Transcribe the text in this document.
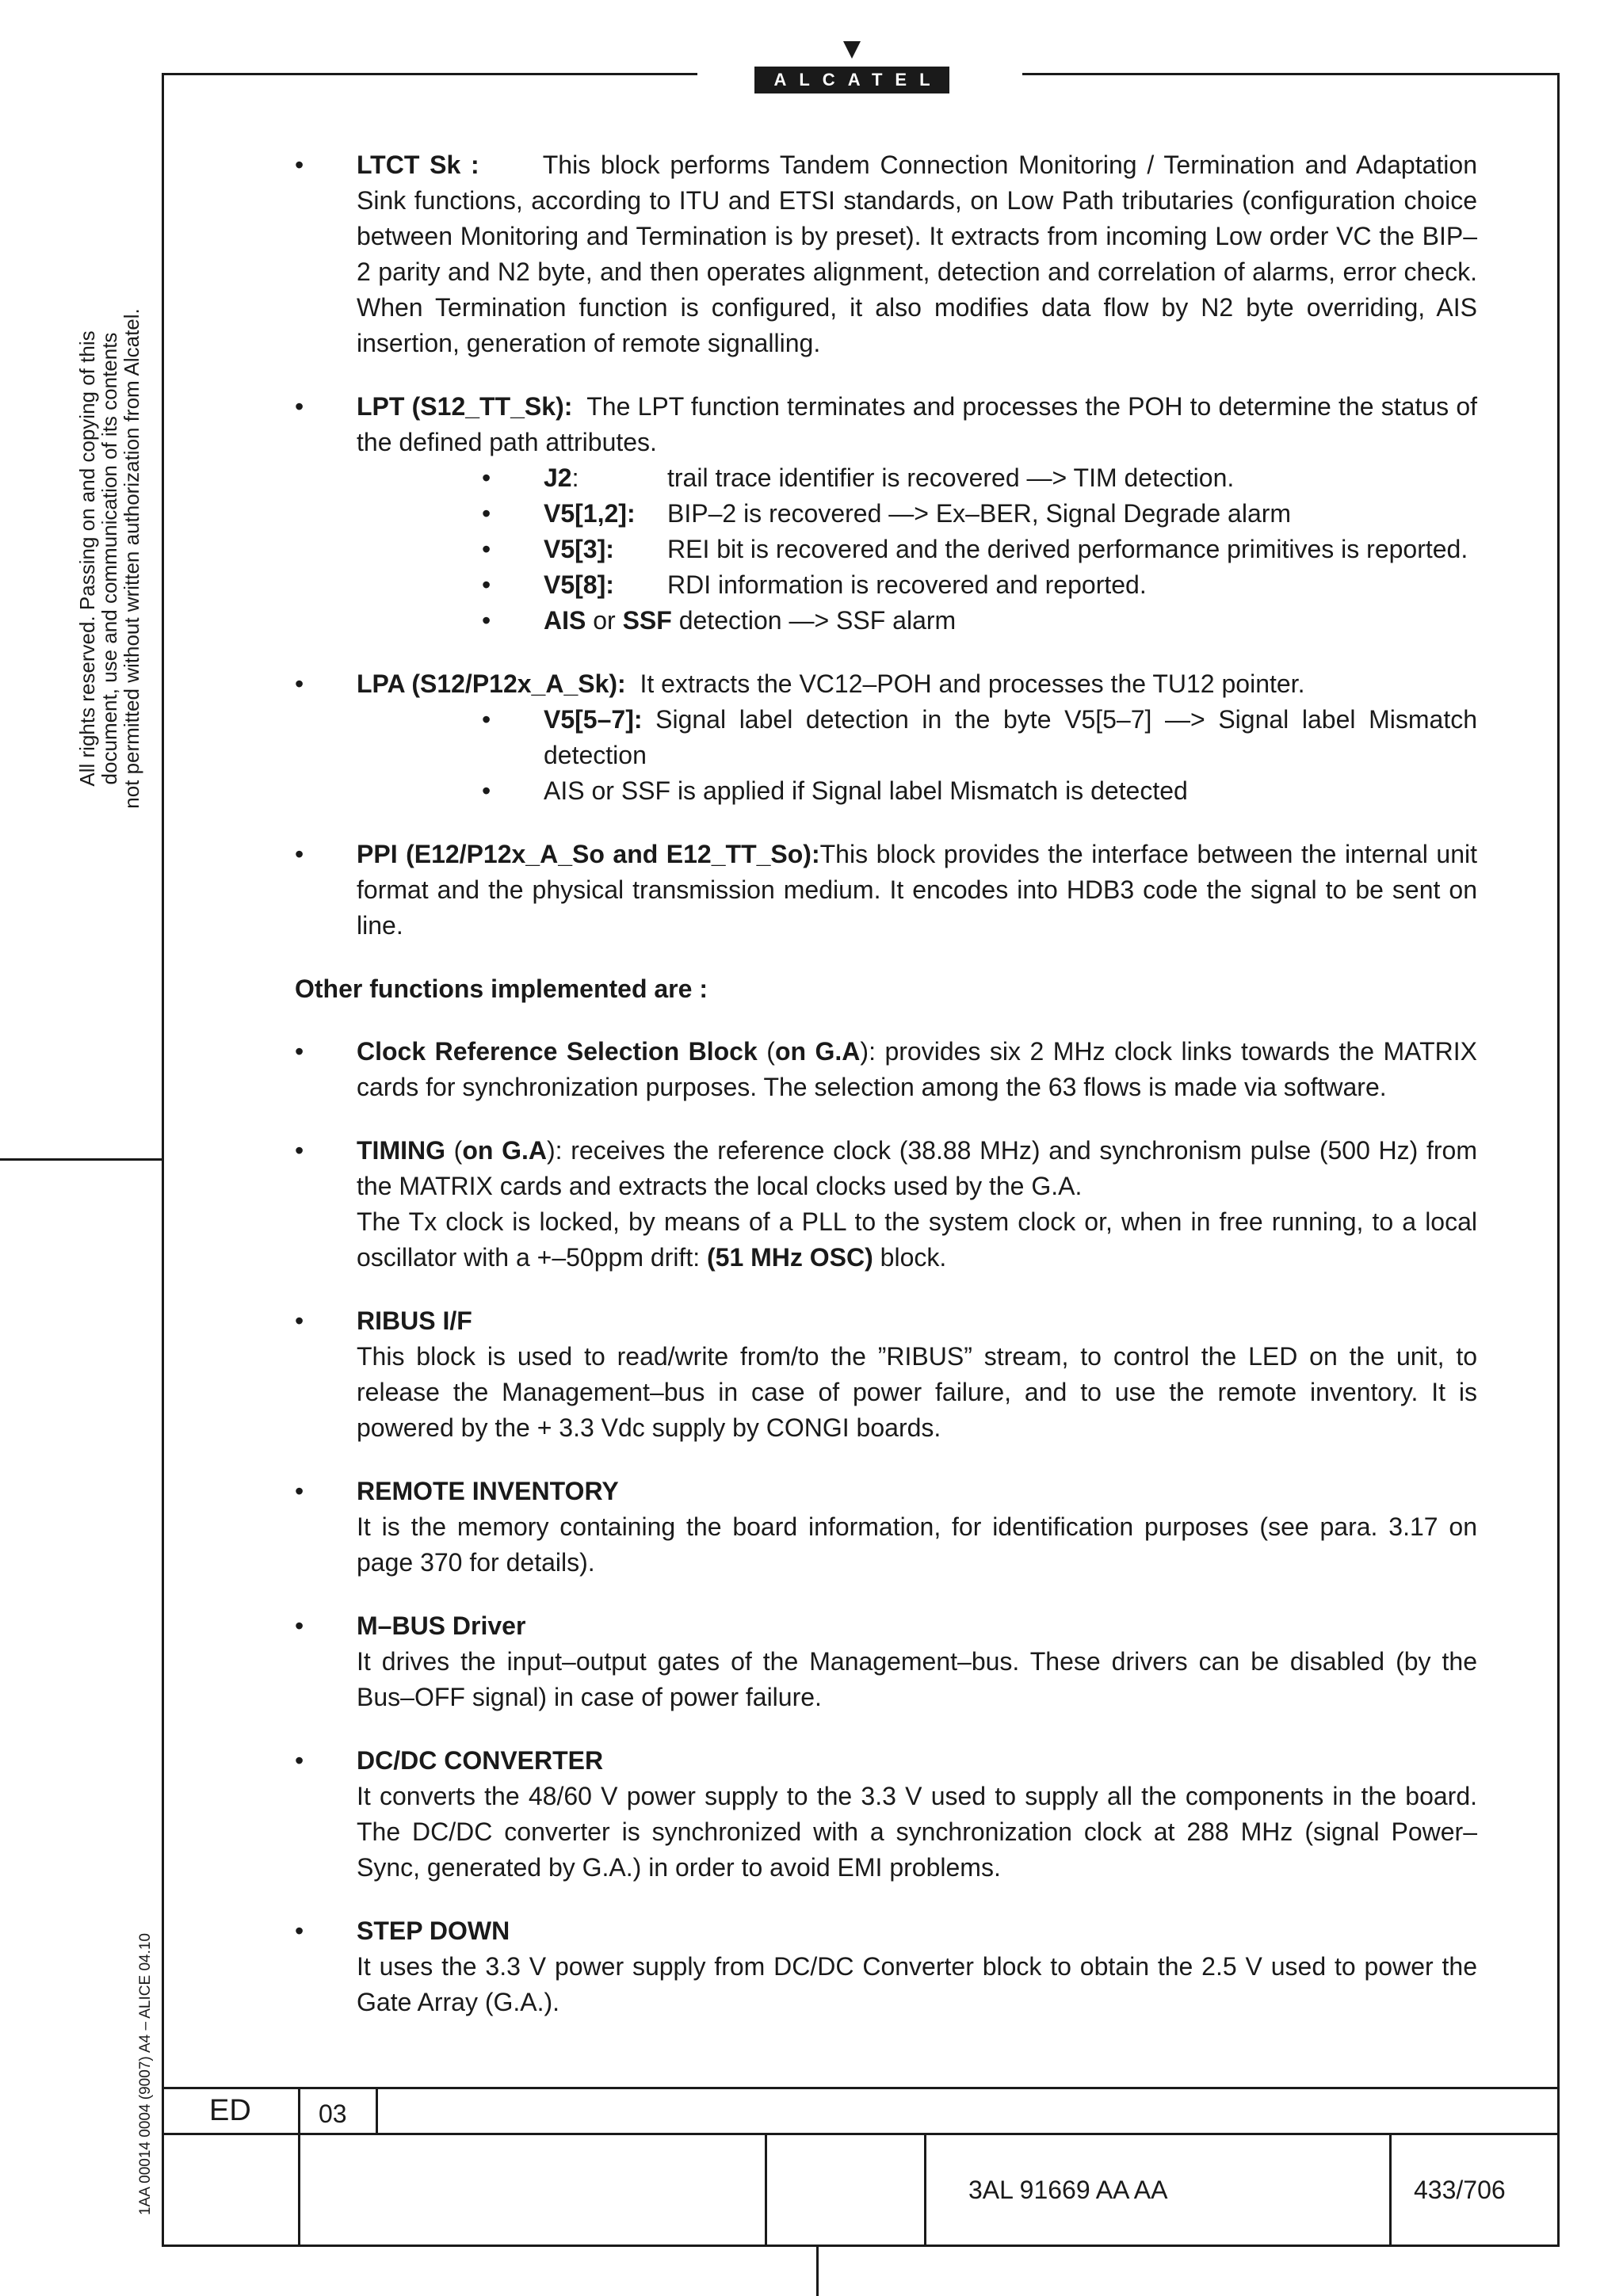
ALCATEL
All rights reserved. Passing on and copying of this
document, use and communication of its contents
not permitted without written authorization from Alcatel.
1AA 00014 0004 (9007) A4 – ALICE 04.10

• LTCT Sk :	This block performs Tandem Connection Monitoring / Termination and Adaptation Sink functions, according to ITU and ETSI standards, on Low Path tributaries (configuration choice between Monitoring and Termination is by preset). It extracts from incoming Low order VC the BIP–2 parity and N2 byte, and then operates alignment, detection and correlation of alarms, error check. When Termination function is configured, it also modifies data flow by N2 byte overriding, AIS insertion, generation of remote signalling.

• LPT (S12_TT_Sk): The LPT function terminates and processes the POH to determine the status of the defined path attributes.

• J2:	trail trace identifier is recovered —> TIM detection.
• V5[1,2]:	BIP–2 is recovered —> Ex–BER, Signal Degrade alarm
• V5[3]:	REI bit is recovered and the derived performance primitives is reported.
• V5[8]:	RDI information is recovered and reported.
• AIS or SSF detection —> SSF alarm

• LPA (S12/P12x_A_Sk): It extracts the VC12–POH and processes the TU12 pointer.

• V5[5–7]: Signal label detection in the byte V5[5–7] —> Signal label Mismatch detection
• AIS or SSF is applied if Signal label Mismatch is detected

• PPI (E12/P12x_A_So and E12_TT_So):This block provides the interface between the internal unit format and the physical transmission medium. It encodes into HDB3 code the signal to be sent on line.

Other functions implemented are :

• Clock Reference Selection Block (on G.A): provides six 2 MHz clock links towards the MATRIX cards for synchronization purposes. The selection among the 63 flows is made via software.

• TIMING (on G.A): receives the reference clock (38.88 MHz) and synchronism pulse (500 Hz) from the MATRIX cards and extracts the local clocks used by the G.A.

The Tx clock is locked, by means of a PLL to the system clock or, when in free running, to a local oscillator with a +–50ppm drift: (51 MHz OSC) block.

• RIBUS I/F

This block is used to read/write from/to the ”RIBUS” stream, to control the LED on the unit, to release the Management–bus in case of power failure, and to use the remote inventory. It is powered by the + 3.3 Vdc supply by CONGI boards.

• REMOTE INVENTORY

It is the memory containing the board information, for identification purposes (see para. 3.17 on page 370 for details).

• M–BUS Driver

It drives the input–output gates of the Management–bus. These drivers can be disabled (by the Bus–OFF signal) in case of power failure.

• DC/DC CONVERTER

It converts the 48/60 V power supply to the 3.3 V used to supply all the components in the board. The DC/DC converter is synchronized with a synchronization clock at 288 MHz (signal Power–Sync, generated by G.A.) in order to avoid EMI problems.

• STEP DOWN

It uses the 3.3 V power supply from DC/DC Converter block to obtain the 2.5 V used to power the Gate Array (G.A.).

ED	03
3AL 91669 AA AA	433/706
